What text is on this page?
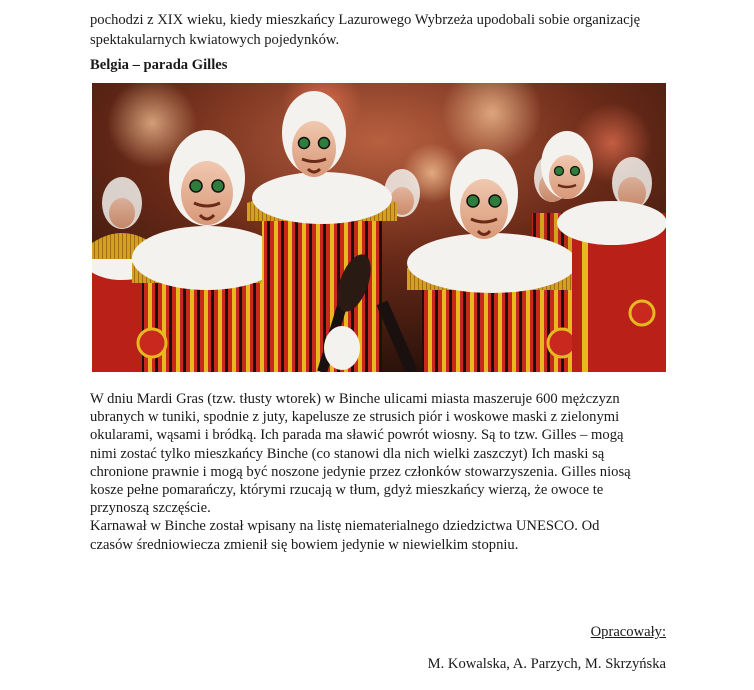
pochodzi z XIX wieku, kiedy mieszkańcy Lazurowego Wybrzeża upodobali sobie organizację
spektakularnych kwiatowych pojedynków.

Belgia – parada Gilles

W dniu Mardi Gras (tzw. tłusty wtorek) w Binche ulicami miasta maszeruje 600 mężczyzn
ubranych w tuniki, spodnie z juty, kapelusze ze strusich piór i woskowe maski z zielonymi
okularami, wąsami i bródką. Ich parada ma sławić powrót wiosny. Są to tzw. Gilles – mogą
nimi zostać tylko mieszkańcy Binche (co stanowi dla nich wielki zaszczyt) Ich maski są
chronione prawnie i mogą być noszone jedynie przez członków stowarzyszenia. Gilles niosą
kosze pełne pomarańczy, którymi rzucają w tłum, gdyż mieszkańcy wierzą, że owoce te
przynoszą szczęście.
Karnawał w Binche został wpisany na listę niematerialnego dziedzictwa UNESCO. Od
czasów średniowiecza zmienił się bowiem jedynie w niewielkim stopniu.

Opracowały:

M. Kowalska, A. Parzych, M. Skrzyńska
